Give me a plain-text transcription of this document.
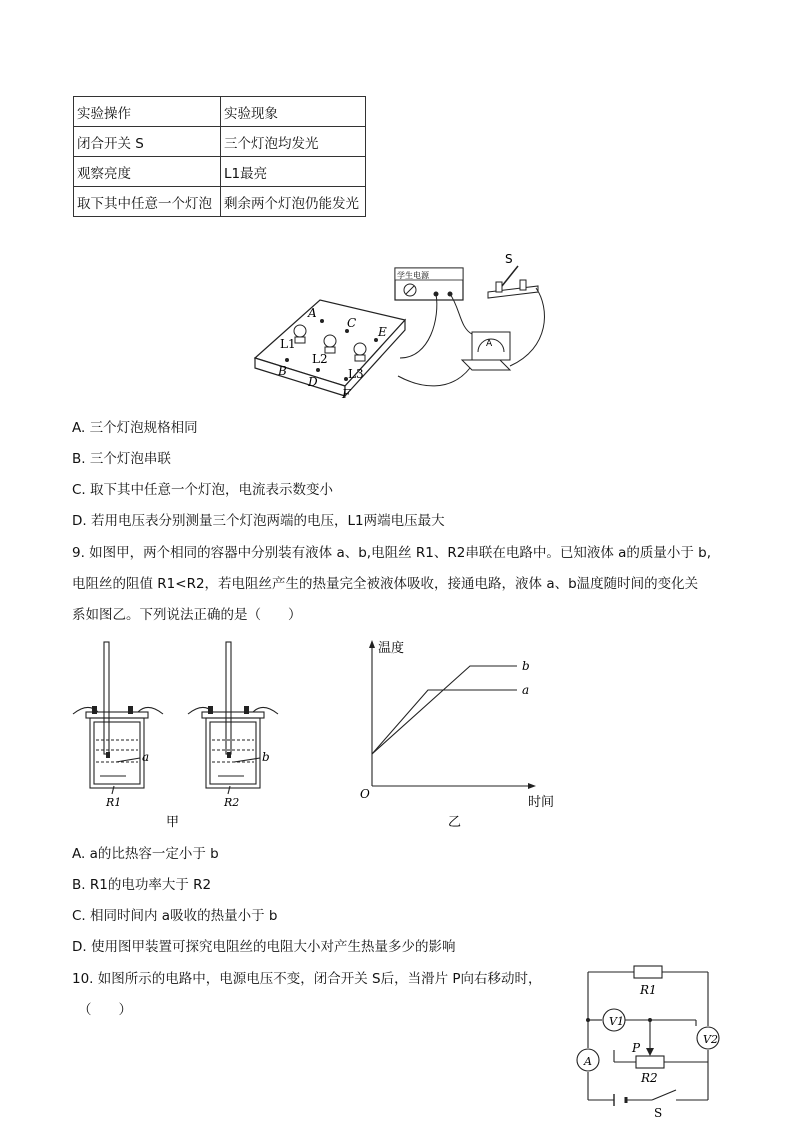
实验操作	实验现象
闭合开关 S	三个灯泡均发光
观察亮度	L1最亮
取下其中任意一个灯泡	剩余两个灯泡仍能发光
A
B
C
D
E
F
L1
L2
L3
学生电源
S
A
A. 三个灯泡规格相同
B. 三个灯泡串联
C. 取下其中任意一个灯泡，电流表示数变小
D. 若用电压表分别测量三个灯泡两端的电压，L1两端电压最大
9. 如图甲，两个相同的容器中分别装有液体 a、b,电阻丝 R1、R2串联在电路中。已知液体 a的质量小于 b,
电阻丝的阻值 R1<R2，若电阻丝产生的热量完全被液体吸收，接通电路，液体 a、b温度随时间的变化关
系如图乙。下列说法正确的是（　　）
a	b
R1	R2
甲
温度
时间
O
b
a
乙
A. a的比热容一定小于 b
B. R1的电功率大于 R2
C. 相同时间内 a吸收的热量小于 b
D. 使用图甲装置可探究电阻丝的电阻大小对产生热量多少的影响
10. 如图所示的电路中，电源电压不变，闭合开关 S后，当滑片 P向右移动时，
（　　）
R1
R2
V1
V2
A
P
S
